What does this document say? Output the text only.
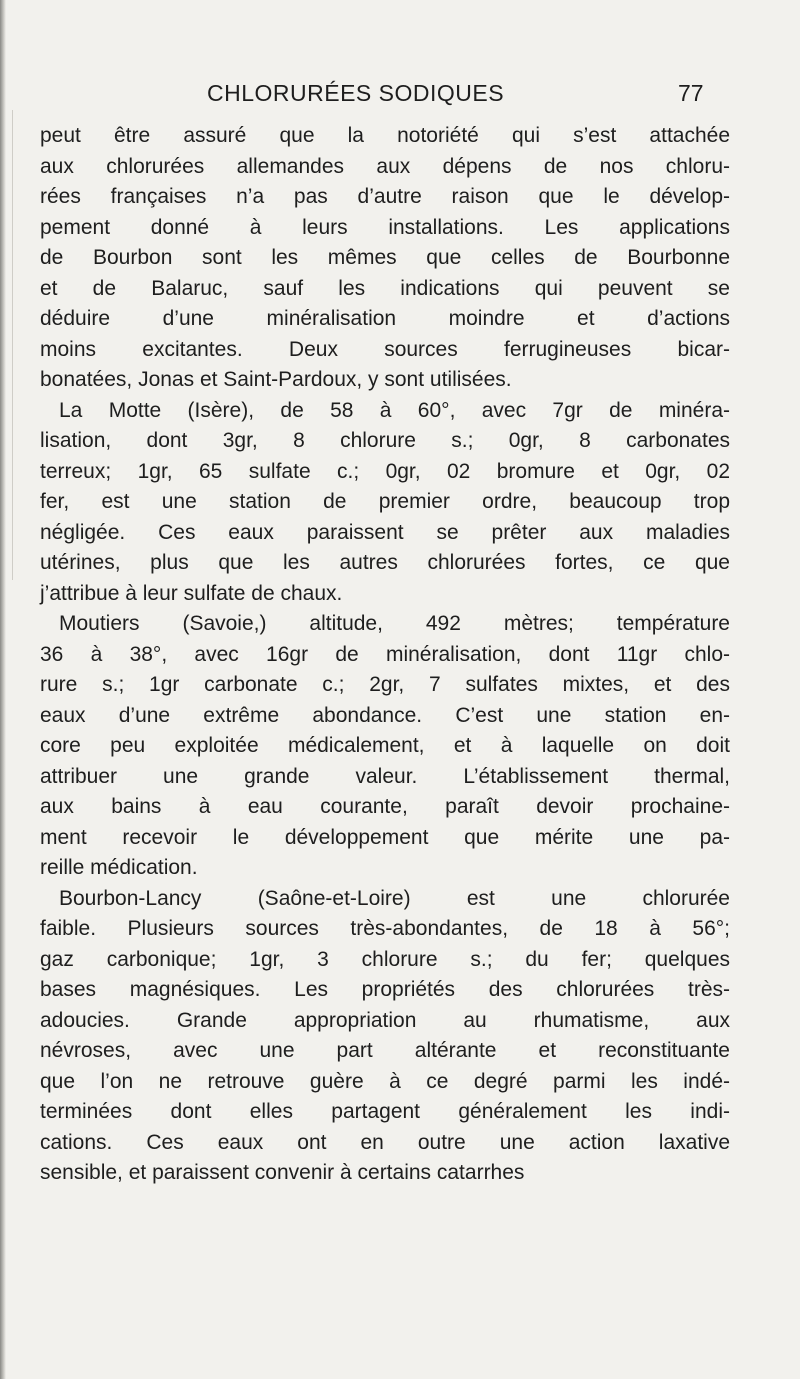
CHLORURÉES SODIQUES	77
peut être assuré que la notoriété qui s’est attachée
aux chlorurées allemandes aux dépens de nos chloru-
rées françaises n’a pas d’autre raison que le dévelop-
pement donné à leurs installations. Les applications
de Bourbon sont les mêmes que celles de Bourbonne
et de Balaruc, sauf les indications qui peuvent se
déduire d’une minéralisation moindre et d’actions
moins excitantes. Deux sources ferrugineuses bicar-
bonatées, Jonas et Saint-Pardoux, y sont utilisées.
La Motte (Isère), de 58 à 60°, avec 7gr de minéra-
lisation, dont 3gr, 8 chlorure s.; 0gr, 8 carbonates
terreux; 1gr, 65 sulfate c.; 0gr, 02 bromure et 0gr, 02
fer, est une station de premier ordre, beaucoup trop
négligée. Ces eaux paraissent se prêter aux maladies
utérines, plus que les autres chlorurées fortes, ce que
j’attribue à leur sulfate de chaux.
Moutiers (Savoie,) altitude, 492 mètres; température
36 à 38°, avec 16gr de minéralisation, dont 11gr chlo-
rure s.; 1gr carbonate c.; 2gr, 7 sulfates mixtes, et des
eaux d’une extrême abondance. C’est une station en-
core peu exploitée médicalement, et à laquelle on doit
attribuer une grande valeur. L’établissement thermal,
aux bains à eau courante, paraît devoir prochaine-
ment recevoir le développement que mérite une pa-
reille médication.
Bourbon-Lancy (Saône-et-Loire) est une chlorurée
faible. Plusieurs sources très-abondantes, de 18 à 56°;
gaz carbonique; 1gr, 3 chlorure s.; du fer; quelques
bases magnésiques. Les propriétés des chlorurées très-
adoucies. Grande appropriation au rhumatisme, aux
névroses, avec une part altérante et reconstituante
que l’on ne retrouve guère à ce degré parmi les indé-
terminées dont elles partagent généralement les indi-
cations. Ces eaux ont en outre une action laxative
sensible, et paraissent convenir à certains catarrhes
